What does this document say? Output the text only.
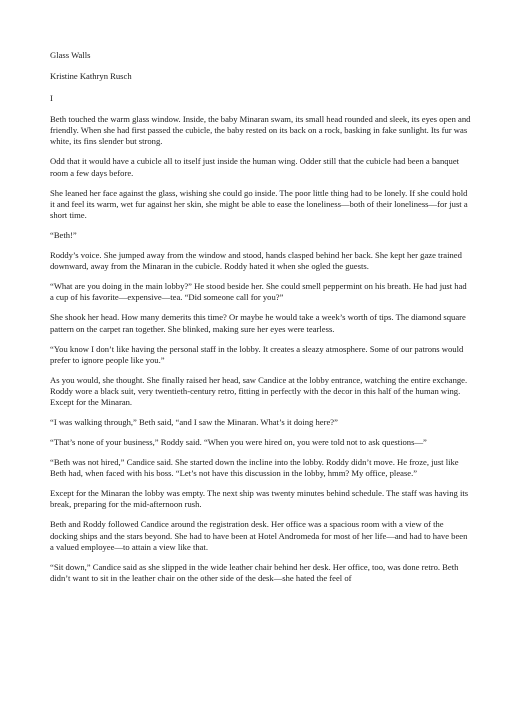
Glass Walls

Kristine Kathryn Rusch

I

Beth touched the warm glass window. Inside, the baby Minaran swam, its small head rounded and sleek, its eyes open and friendly. When she had first passed the cubicle, the baby rested on its back on a rock, basking in fake sunlight. Its fur was white, its fins slender but strong.

Odd that it would have a cubicle all to itself just inside the human wing. Odder still that the cubicle had been a banquet room a few days before.

She leaned her face against the glass, wishing she could go inside. The poor little thing had to be lonely. If she could hold it and feel its warm, wet fur against her skin, she might be able to ease the loneliness—both of their loneliness—for just a short time.

“Beth!”

Roddy’s voice. She jumped away from the window and stood, hands clasped behind her back. She kept her gaze trained downward, away from the Minaran in the cubicle. Roddy hated it when she ogled the guests.

“What are you doing in the main lobby?” He stood beside her. She could smell peppermint on his breath. He had just had a cup of his favorite—expensive—tea. “Did someone call for you?”

She shook her head. How many demerits this time? Or maybe he would take a week’s worth of tips. The diamond square pattern on the carpet ran together. She blinked, making sure her eyes were tearless.

“You know I don’t like having the personal staff in the lobby. It creates a sleazy atmosphere. Some of our patrons would prefer to ignore people like you.”

As you would, she thought. She finally raised her head, saw Candice at the lobby entrance, watching the entire exchange. Roddy wore a black suit, very twentieth-century retro, fitting in perfectly with the decor in this half of the human wing. Except for the Minaran.

“I was walking through,” Beth said, “and I saw the Minaran. What’s it doing here?”

“That’s none of your business,” Roddy said. “When you were hired on, you were told not to ask questions—”

“Beth was not hired,” Candice said. She started down the incline into the lobby. Roddy didn’t move. He froze, just like Beth had, when faced with his boss. “Let’s not have this discussion in the lobby, hmm? My office, please.”

Except for the Minaran the lobby was empty. The next ship was twenty minutes behind schedule. The staff was having its break, preparing for the mid-afternoon rush.

Beth and Roddy followed Candice around the registration desk. Her office was a spacious room with a view of the docking ships and the stars beyond. She had to have been at Hotel Andromeda for most of her life—and had to have been a valued employee—to attain a view like that.

“Sit down,” Candice said as she slipped in the wide leather chair behind her desk. Her office, too, was done retro. Beth didn’t want to sit in the leather chair on the other side of the desk—she hated the feel of
